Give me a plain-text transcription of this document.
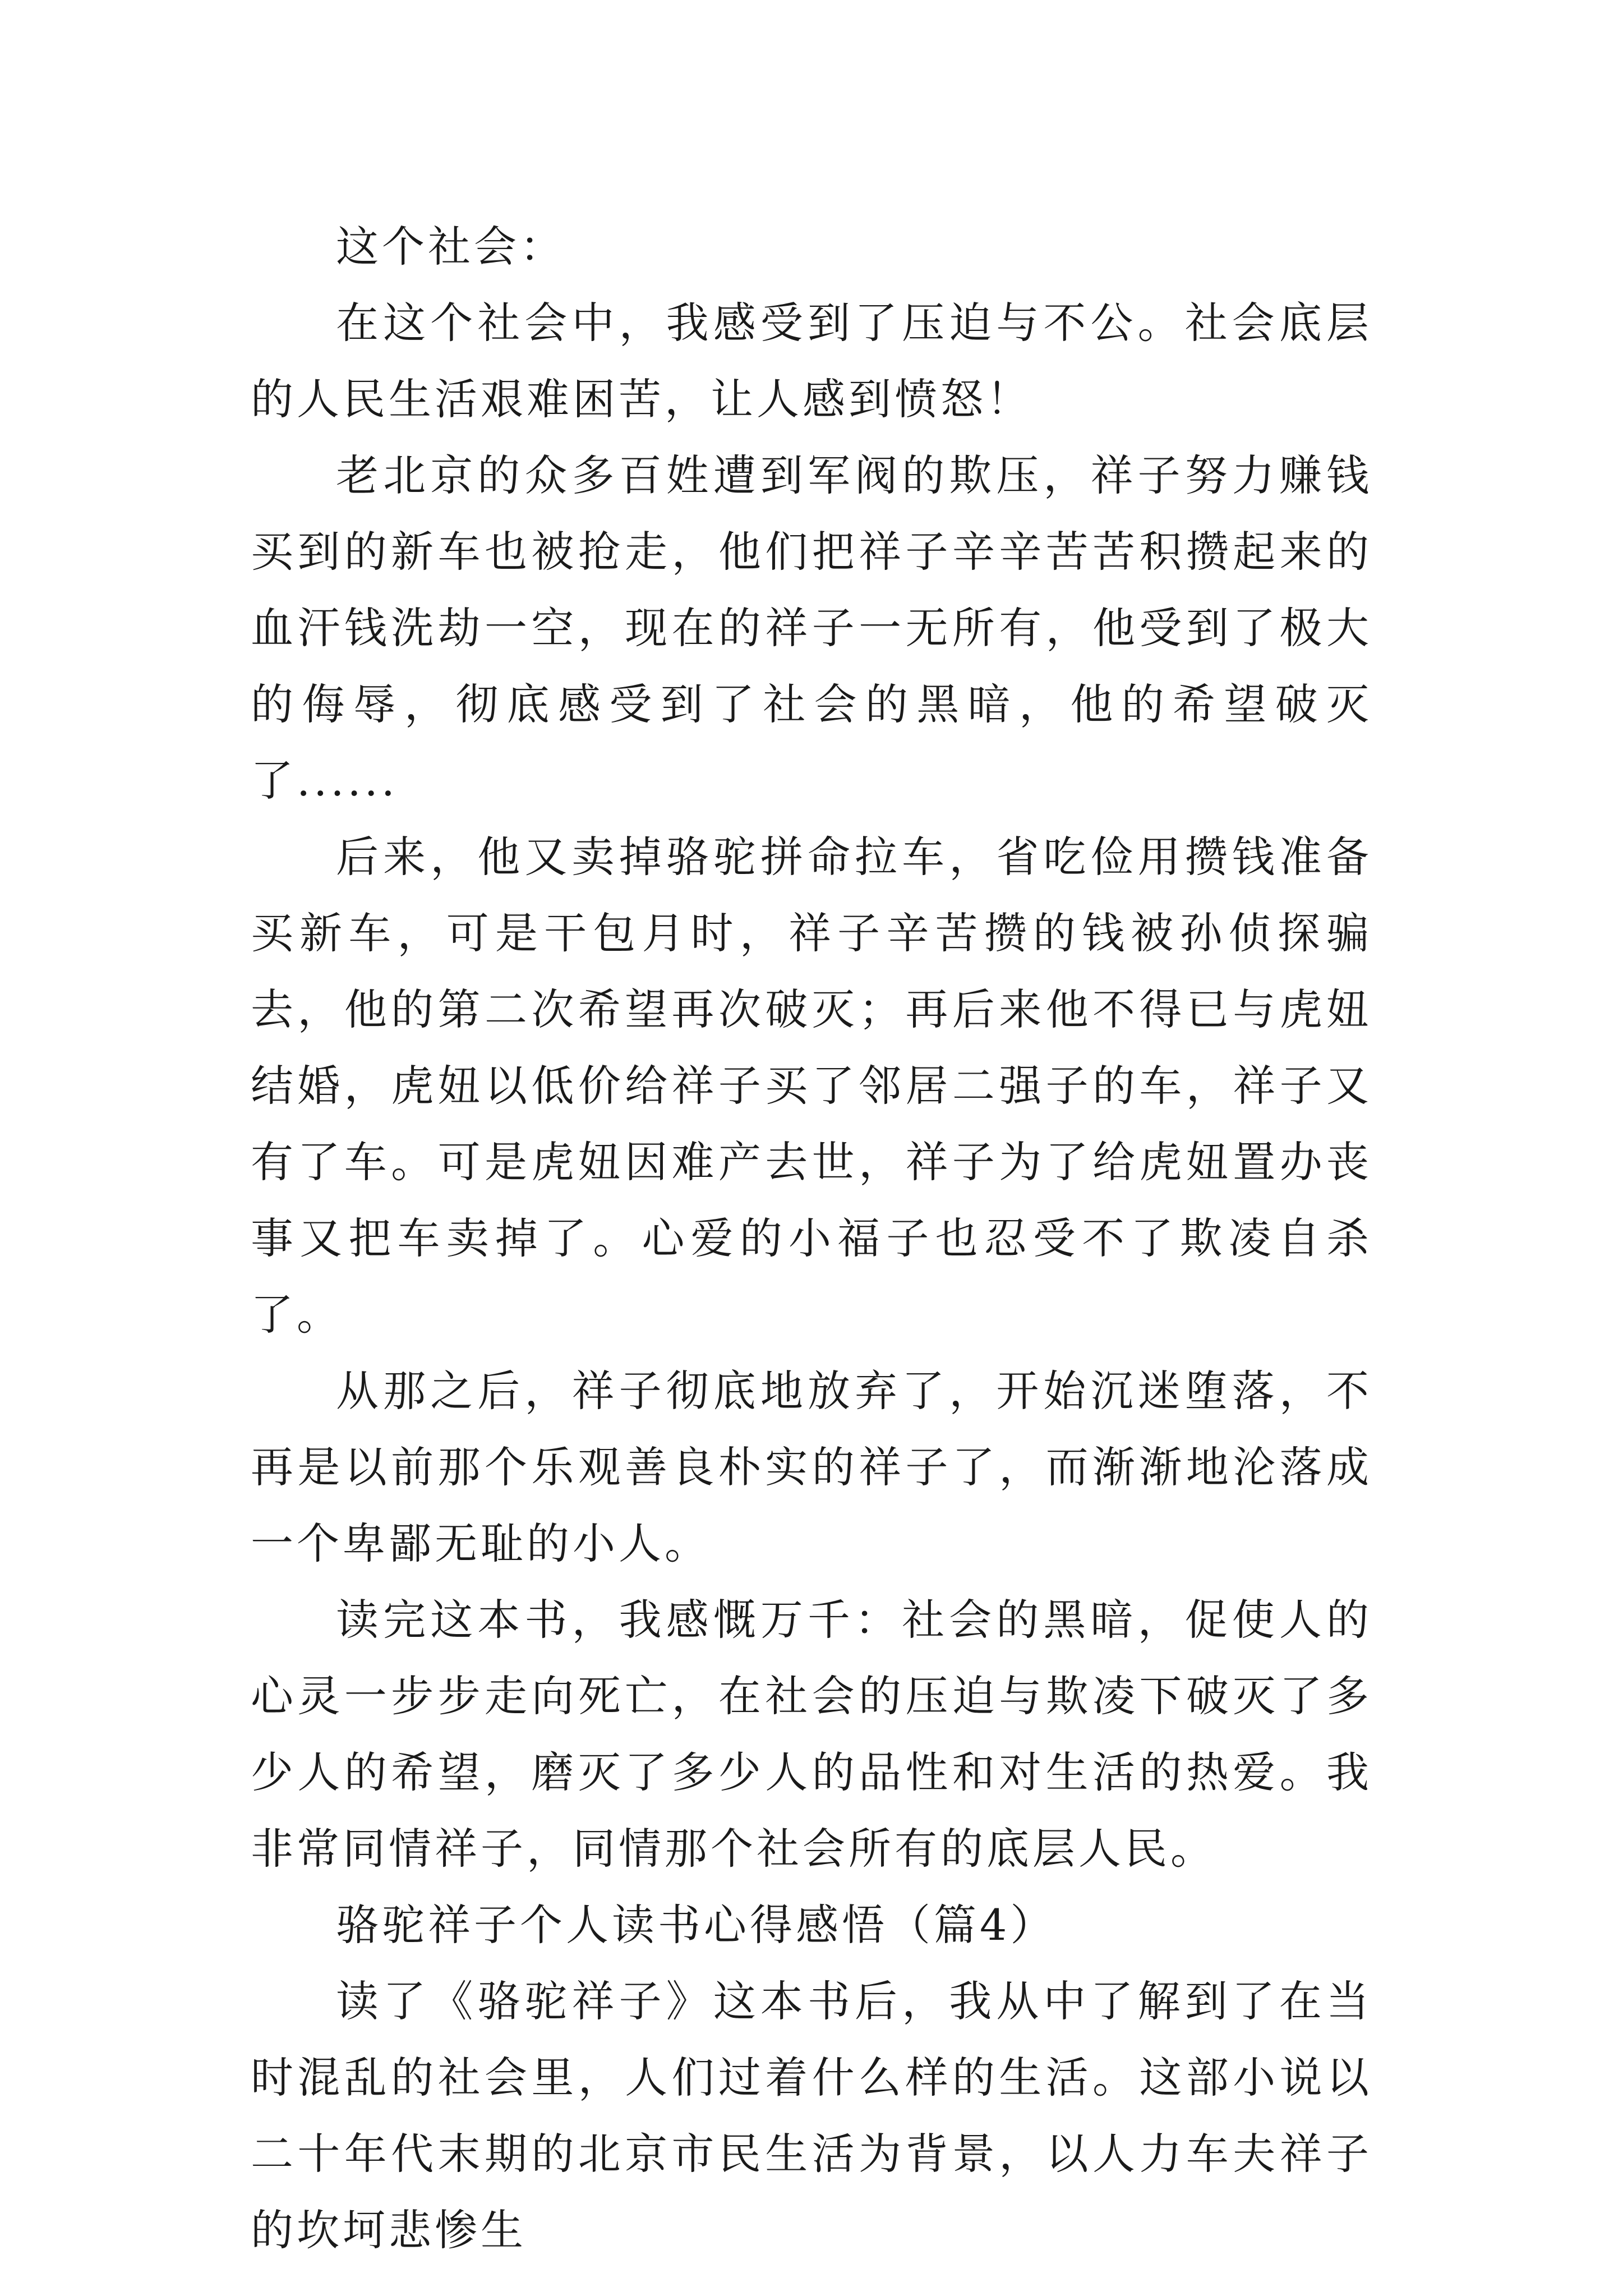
这个社会：

在这个社会中，我感受到了压迫与不公。社会底层的人民生活艰难困苦，让人感到愤怒！

老北京的众多百姓遭到军阀的欺压，祥子努力赚钱买到的新车也被抢走，他们把祥子辛辛苦苦积攒起来的血汗钱洗劫一空，现在的祥子一无所有，他受到了极大的侮辱，彻底感受到了社会的黑暗，他的希望破灭了......

后来，他又卖掉骆驼拼命拉车，省吃俭用攒钱准备买新车，可是干包月时，祥子辛苦攒的钱被孙侦探骗去，他的第二次希望再次破灭；再后来他不得已与虎妞结婚，虎妞以低价给祥子买了邻居二强子的车，祥子又有了车。可是虎妞因难产去世，祥子为了给虎妞置办丧事又把车卖掉了。心爱的小福子也忍受不了欺凌自杀了。

从那之后，祥子彻底地放弃了，开始沉迷堕落，不再是以前那个乐观善良朴实的祥子了，而渐渐地沦落成一个卑鄙无耻的小人。

读完这本书，我感慨万千：社会的黑暗，促使人的心灵一步步走向死亡，在社会的压迫与欺凌下破灭了多少人的希望，磨灭了多少人的品性和对生活的热爱。我非常同情祥子，同情那个社会所有的底层人民。

骆驼祥子个人读书心得感悟（篇4）

读了《骆驼祥子》这本书后，我从中了解到了在当时混乱的社会里，人们过着什么样的生活。这部小说以二十年代末期的北京市民生活为背景，以人力车夫祥子的坎坷悲惨生
